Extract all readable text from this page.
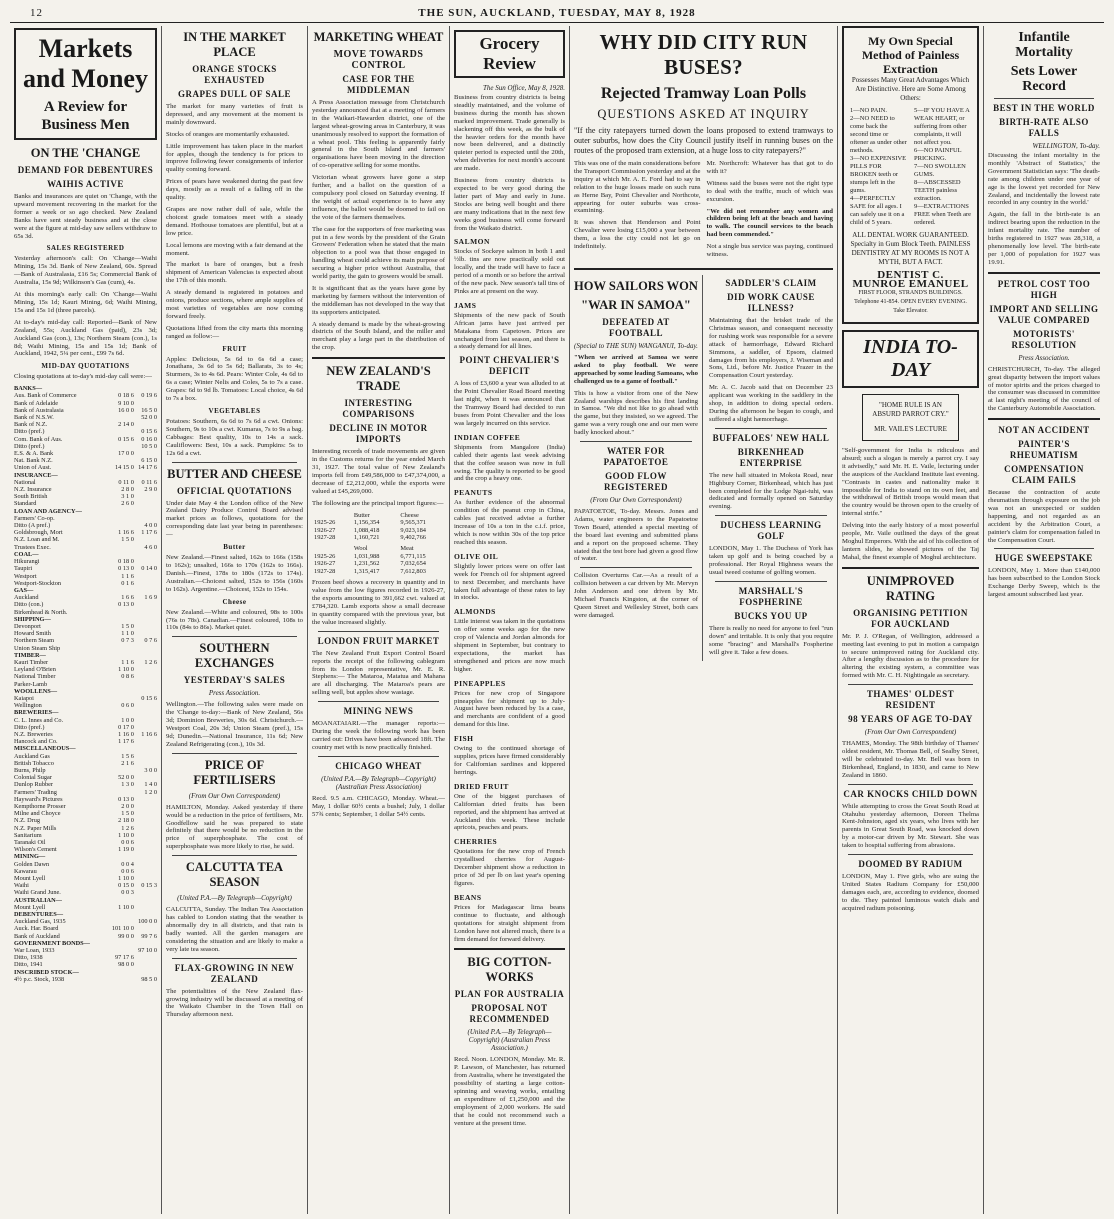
12	THE SUN, AUCKLAND, TUESDAY, MAY 8, 1928
Markets and Money
A Review for Business Men
ON THE 'CHANGE
DEMAND FOR DEBENTURES
WAIHIS ACTIVE

Banks and insurances are quiet on 'Change, with the upward movement recovering in the market for the former a week or so ago checked. New Zealand Banks have sent steady business and at the close were at the figure at mid-day saw sellers withdraw to 65s 3d.

SALES REGISTERED

Yesterday afternoon's call: On 'Change—Waihi Mining, 15s 3d. Bank of New Zealand, 60s. Spread—Bank of Australasia, £16 5s; Commercial Bank of Australia, 15s 9d; Wilkinson's Gas (cum), 4s.

At this morning's early call: On 'Change—Waihi Mining, 15s 1d; Kauri Mining, 6d; Waihi Mining, 15s and 15s 1d (three parcels).

At to-day's mid-day call: Reported—Bank of New Zealand, 55s; Auckland Gas (paid), 23s 3d; Auckland Gas (con.), 13s; Northern Steam (con.), 1s 8d; Waihi Mining, 15s and 15s 1d; Bank of Auckland, 1942, 5¼ per cent., £99 7s 6d.

MID-DAY QUOTATIONS

Closing quotations at to-day's mid-day call were:—

BANKS—		
Aus. Bank of Commerce	0 18 6	0 19 6
Bank of Adelaide	9 10 0	
Bank of Australasia	16 0 0	16 5 0
Bank of N.S.W.		52 0 0
Bank of N.Z.	2 14 0	
Ditto (pref.)		0 15 6
Com. Bank of Aus.	0 15 6	0 16 0
Ditto (pref.)		10 5 0
E.S. & A. Bank	17 0 0	
Nat. Bank N.Z.		6 15 0
Union of Aust.	14 15 0	14 17 6
INSURANCE—		
National	0 11 0	0 11 6
N.Z. Insurance	2 8 0	2 9 0
South British	3 1 0	
Standard	2 6 0	
LOAN AND AGENCY—		
Farmers' Co-op.		
Ditto (A pref.)		4 0 0
Goldsbrough, Mort	1 16 6	1 17 6
N.Z. Loan and M.	1 5 0	
Trustees Exec.		4 6 0
COAL—		
Hikurangi	0 18 0	
Taupiri	0 13 0	0 14 0
Westport	1 1 6	
Westport-Stockton	0 1 6	
GAS—		
Auckland	1 6 6	1 6 9
Ditto (con.)	0 13 0	
Birkenhead & North.		
SHIPPING—		
Devonport	1 5 0	
Howard Smith	1 1 0	
Northern Steam	0 7 3	0 7 6
Union Steam Ship		
TIMBER—		
Kauri Timber	1 1 6	1 2 6
Leyland O'Brien	1 10 0	
National Timber	0 8 6	
Parker-Lamb		
WOOLLENS—		
Kaiapoi		0 15 6
Wellington	0 6 0	
BREWERIES—		
C. L. Innes and Co.	1 0 0	
Ditto (pref.)	0 17 0	
N.Z. Breweries	1 16 0	1 16 6
Hancock and Co.	1 17 6	
MISCELLANEOUS—		
Auckland Gas	1 5 6	
British Tobacco	2 1 6	
Burns, Philp		3 0 0
Colonial Sugar	52 0 0	
Dunlop Rubber	1 3 0	1 4 0
Farmers' Trading		1 2 0
Hayward's Pictures	0 13 0	
Kempthorne Prosser	2 0 0	
Milne and Choyce	1 5 0	
N.Z. Drug	2 18 0	
N.Z. Paper Mills	1 2 6	
Sanitarium	1 10 0	
Taranaki Oil	0 0 6	
Wilson's Cement	1 19 0	
MINING—		
Golden Dawn	0 0 4	
Kawarau	0 0 6	
Mount Lyell	1 10 0	
Waihi	0 15 0	0 15 3
Waihi Grand June.	0 0 3	
AUSTRALIAN—		
Mount Lyell	1 10 0	
DEBENTURES—		
Auckland Gas, 1935		100 0 0
Auck. Har. Board	101 10 0	
Bank of Auckland	99 0 0	99 7 6
GOVERNMENT BONDS—		
War Loan, 1933		97 10 0
Ditto, 1938	97 17 6	
Ditto, 1941	98 0 0	
INSCRIBED STOCK—		
4½ p.c. Stock, 1938		98 5 0
IN THE MARKET PLACE
ORANGE STOCKS EXHAUSTED
GRAPES DULL OF SALE

The market for many varieties of fruit is depressed, and any movement at the moment is mainly downward.

Stocks of oranges are momentarily exhausted.

Little improvement has taken place in the market for apples, though the tendency is for prices to improve following fewer consignments of inferior quality coming forward.

Prices of pears have weakened during the past few days, mostly as a result of a falling off in the quality.

Grapes are now rather dull of sale, while the choicest grade tomatoes meet with a steady demand. Hothouse tomatoes are plentiful, but at a low price.

Local lemons are moving with a fair demand at the moment.

The market is bare of oranges, but a fresh shipment of American Valencias is expected about the 17th of this month.

A steady demand is registered in potatoes and onions, produce sections, where ample supplies of most varieties of vegetables are now coming forward freely.

Quotations lifted from the city marts this morning ranged as follow:—

FRUIT

Apples: Delicious, 5s 6d to 6s 6d a case; Jonathans, 3s 6d to 5s 6d; Ballarats, 3s to 4s; Sturmers, 3s to 4s 6d. Pears: Winter Cole, 4s 6d to 6s a case; Winter Nelis and Coles, 5s to 7s a case. Grapes: 6d to 9d lb. Tomatoes: Local choice, 4s 6d to 7s a box.

VEGETABLES

Potatoes: Southern, 6s 6d to 7s 6d a cwt. Onions: Southern, 9s to 10s a cwt. Kumaras, 7s to 9s a bag. Cabbages: Best quality, 10s to 14s a sack. Cauliflowers: Best, 10s a sack. Pumpkins: 5s to 12s 6d a cwt.

BUTTER AND CHEESE
OFFICIAL QUOTATIONS

Under date May 4 the London office of the New Zealand Dairy Produce Control Board advised market prices as follows, quotations for the corresponding date last year being in parentheses:—

Butter

New Zealand.—Finest salted, 162s to 166s (158s to 162s); unsalted, 166s to 170s (162s to 166s). Danish.—Finest, 178s to 180s (172s to 174s). Australian.—Choicest salted, 152s to 156s (160s to 162s). Argentine.—Choicest, 152s to 154s.

Cheese

New Zealand.—White and coloured, 98s to 100s (76s to 78s). Canadian.—Finest coloured, 108s to 110s (84s to 86s). Market quiet.

SOUTHERN EXCHANGES
YESTERDAY'S SALES
Press Association.

Wellington.—The following sales were made on the 'Change to-day:—Bank of New Zealand, 56s 3d; Dominion Breweries, 30s 6d. Christchurch.—Westport Coal, 20s 3d; Union Steam (pref.), 15s 9d; Dunedin.—National Insurance, 11s 6d; New Zealand Refrigerating (con.), 10s 3d.

PRICE OF FERTILISERS
(From Our Own Correspondent)

HAMILTON, Monday. Asked yesterday if there would be a reduction in the price of fertilisers, Mr. Goodfellow said he was prepared to state definitely that there would be no reduction in the price of superphosphate. The cost of superphosphate was more likely to rise, he said.

CALCUTTA TEA SEASON
(United P.A.—By Telegraph—Copyright)

CALCUTTA, Sunday. The Indian Tea Association has cabled to London stating that the weather is abnormally dry in all districts, and that rain is badly wanted. All the garden managers are considering the situation and are likely to make a very late tea season.

FLAX-GROWING IN NEW ZEALAND

The potentialities of the New Zealand flax-growing industry will be discussed at a meeting of the Waikato Chamber in the Town Hall on Thursday afternoon next.

MARKETING WHEAT
MOVE TOWARDS CONTROL
CASE FOR THE MIDDLEMAN

A Press Association message from Christchurch yesterday announced that at a meeting of farmers in the Waikari-Hawarden district, one of the largest wheat-growing areas in Canterbury, it was unanimously resolved to support the formation of a wheat pool. This feeling is apparently fairly general in the South Island and farmers' organisations have been moving in the direction of co-operative selling for some months.

Victorian wheat growers have gone a step further, and a ballot on the question of a compulsory pool closed on Saturday evening. If the weight of actual experience is to have any influence, the ballot would be doomed to fail on the vote of the farmers themselves.

The case for the supporters of free marketing was put in a few words by the president of the Grain Growers' Federation when he stated that the main objection to a pool was that those engaged in handling wheat could achieve its main purpose of securing a higher price without Australia, that world parity, the gain to growers would be small.

It is significant that as the years have gone by marketing by farmers without the intervention of the middleman has not developed in the way that its supporters anticipated.

A steady demand is made by the wheat-growing districts of the South Island, and the miller and merchant play a large part in the distribution of the crop.

NEW ZEALAND'S TRADE
INTERESTING COMPARISONS
DECLINE IN MOTOR IMPORTS

Interesting records of trade movements are given in the Customs returns for the year ended March 31, 1927. The total value of New Zealand's imports fell from £49,586,000 to £47,374,000, a decrease of £2,212,000, while the exports were valued at £45,269,000.

The following are the principal import figures:—

	Butter	Cheese
1925-26	1,156,354	9,565,371
1926-27	1,088,418	9,023,184
1927-28	1,160,721	9,402,766
	Wool	Meat
1925-26	1,031,988	6,771,115
1926-27	1,231,562	7,032,654
1927-28	1,315,417	7,612,803

Frozen beef shows a recovery in quantity and in value from the low figures recorded in 1926-27, the exports amounting to 391,662 cwt. valued at £784,320. Lamb exports show a small decrease in quantity compared with the previous year, but the value increased slightly.

LONDON FRUIT MARKET

The New Zealand Fruit Export Control Board reports the receipt of the following cablegram from its London representative, Mr. E. R. Stephens:— The Mataroa, Matatua and Mahana are all discharging. The Mataroa's pears are selling well, but apples show wastage.

MINING NEWS

MOANATAIARI.—The manager reports:—During the week the following work has been carried out: Drives have been advanced 18ft. The country met with is now practically finished.

CHICAGO WHEAT
(United P.A.—By Telegraph—Copyright) (Australian Press Association)

Recd. 9.5 a.m. CHICAGO, Monday. Wheat.—May, 1 dollar 60½ cents a bushel; July, 1 dollar 57¾ cents; September, 1 dollar 54½ cents.

Grocery Review
The Sun Office, May 8, 1928.

Business from country districts is being steadily maintained, and the volume of business during the month has shown marked improvement. Trade generally is slackening off this week, as the bulk of the heavier orders for the month have now been delivered, and a distinctly quieter period is expected until the 20th, when deliveries for next month's account are made.

Business from country districts is expected to be very good during the latter part of May and early in June. Stocks are being well bought and there are many indications that in the next few weeks good business will come forward from the Waikato district.

SALMON

Stocks of Sockeye salmon in both 1 and ½lb. tins are now practically sold out locally, and the trade will have to face a period of a month or so before the arrival of the new pack. New season's tall tins of Pinks are at present on the way.

JAMS

Shipments of the new pack of South African jams have just arrived per Matakana from Capetown. Prices are unchanged from last season, and there is a steady demand for all lines.

POINT CHEVALIER'S DEFICIT

A loss of £3,600 a year was alluded to at the Point Chevalier Road Board meeting last night, when it was announced that the Tramway Board had decided to run buses from Point Chevalier and the loss was largely incurred on this service.

INDIAN COFFEE

Shipments from Mangalore (India) cabled their agents last week advising that the coffee season was now in full swing. The quality is reported to be good and the crop a heavy one.

PEANUTS

As further evidence of the abnormal condition of the peanut crop in China, cables just received advise a further increase of 10s a ton in the c.i.f. price, which is now within 30s of the top price reached this season.

OLIVE OIL

Slightly lower prices were on offer last week for French oil for shipment agreed to next December, and merchants have taken full advantage of these rates to lay in stocks.

ALMONDS

Little interest was taken in the quotations on offer some weeks ago for the new crop of Valencia and Jordan almonds for shipment in September, but contrary to expectations, the market has strengthened and prices are now much higher.

PINEAPPLES

Prices for new crop of Singapore pineapples for shipment up to July-August have been reduced by 1s a case, and merchants are confident of a good demand for this line.

FISH

Owing to the continued shortage of supplies, prices have firmed considerably for Californian sardines and kippered herrings.

DRIED FRUIT

One of the biggest purchases of Californian dried fruits has been reported, and the shipment has arrived at Auckland this week. These include apricots, peaches and pears.

CHERRIES

Quotations for the new crop of French crystallised cherries for August-December shipment show a reduction in price of 3d per lb on last year's opening figures.

BEANS

Prices for Madagascar lima beans continue to fluctuate, and although quotations for straight shipment from London have not altered much, there is a firm demand for forward delivery.

BIG COTTON-WORKS
PLAN FOR AUSTRALIA
PROPOSAL NOT RECOMMENDED
(United P.A.—By Telegraph—Copyright) (Australian Press Association.)

Recd. Noon. LONDON, Monday. Mr. R. P. Lawson, of Manchester, has returned from Australia, where he investigated the possibility of starting a large cotton-spinning and weaving works, entailing an expenditure of £1,250,000 and the employment of 2,000 workers. He said that he could not recommend such a venture at the present time.

WHY DID CITY RUN BUSES?
Rejected Tramway Loan Polls
QUESTIONS ASKED AT INQUIRY

"If the city ratepayers turned down the loans proposed to extend tramways to outer suburbs, how does the City Council justify itself in running buses on the routes of the proposed tram extension, at a huge loss to city ratepayers?"

This was one of the main considerations before the Transport Commission yesterday and at the inquiry at which Mr. A. E. Ford had to say in relation to the huge losses made on such runs as Herne Bay, Point Chevalier and Northcote, appearing for outer suburbs was cross-examining.

It was shown that Henderson and Point Chevalier were losing £15,000 a year between them, a loss the city could not let go on indefinitely.

Mr. Northcroft: Whatever has that got to do with it?

Witness said the buses were not the right type to deal with the traffic, much of which was excursion.

"We did not remember any women and children being left at the beach and having to walk. The council services to the beach had been commended."

Not a single bus service was paying, continued witness.

HOW SAILORS WON
"WAR IN SAMOA"
DEFEATED AT FOOTBALL
(Special to THE SUN) WANGANUI, To-day.

"When we arrived at Samoa we were asked to play football. We were approached by some leading Samoans, who challenged us to a game of football."

This is how a visitor from one of the New Zealand warships describes his first landing in Samoa. "We did not like to go ahead with the game, but they insisted, so we agreed. The game was a very rough one and our men were badly knocked about."

WATER FOR PAPATOETOE
GOOD FLOW REGISTERED
(From Our Own Correspondent)

PAPATOETOE, To-day. Messrs. Jones and Adams, water engineers to the Papatoetoe Town Board, attended a special meeting of the board last evening and submitted plans and a report on the proposed scheme. They stated that the test bore had given a good flow of water.

Collision Overturns Car.—As a result of a collision between a car driven by Mr. Mervyn John Anderson and one driven by Mr. Michael Francis Kingston, at the corner of Queen Street and Wellesley Street, both cars were damaged.

SADDLER'S CLAIM
DID WORK CAUSE ILLNESS?

Maintaining that the brisket trade of the Christmas season, and consequent necessity for rushing work was responsible for a severe attack of hæmorrhage, Edward Richard Simmons, a saddler, of Epsom, claimed damages from his employers, J. Wiseman and Sons, Ltd., before Mr. Justice Frazer in the Compensation Court yesterday.

Mr. A. C. Jacob said that on December 23 applicant was working in the saddlery in the shop, in addition to doing special orders. During the afternoon he began to cough, and suffered a slight hæmorrhage.

BUFFALOES' NEW HALL
BIRKENHEAD ENTERPRISE

The new hall situated in Mokoia Road, near Highbury Corner, Birkenhead, which has just been completed for the Lodge Ngai-tuhi, was dedicated and formally opened on Saturday evening.

DUCHESS LEARNING GOLF

LONDON, May 1. The Duchess of York has taken up golf and is being coached by a professional. Her Royal Highness wears the usual tweed costume of golfing women.

MARSHALL'S FOSPHERINE
BUCKS YOU UP

There is really no need for anyone to feel "run down" and irritable. It is only that you require some "bracing" and Marshall's Fospherine will give it. Take a few doses.

My Own Special Method of Painless Extraction
Possesses Many Great Advantages Which Are Distinctive. Here are Some Among Others:
1—NO PAIN.
2—NO NEED to come back the second time or oftener as under other methods.
3—NO EXPENSIVE PILLS FOR BROKEN teeth or stumps left in the gums.
4—PERFECTLY SAFE for all ages. I can safely use it on a child of 5 years.
5—IF YOU HAVE A WEAK HEART, or suffering from other complaints, it will not affect you.
6—NO PAINFUL PRICKING.
7—NO SWOLLEN GUMS.
8—ABSCESSED TEETH painless extraction.
9—EXTRACTIONS FREE when Teeth are ordered.
ALL DENTAL WORK GUARANTEED. Specialty in Gum Block Teeth. PAINLESS DENTISTRY AT MY ROOMS IS NOT A MYTH, BUT A FACT.
DENTIST C. MUNROE EMANUEL
FIRST FLOOR, STRAND'S BUILDINGS. Telephone 41-854. OPEN EVERY EVENING. Take Elevator.
INDIA TO-DAY
"HOME RULE IS AN ABSURD PARROT CRY."
MR. VAILE'S LECTURE

"Self-government for India is ridiculous and absurd; such a slogan is merely a parrot cry. I say it advisedly," said Mr. H. E. Vaile, lecturing under the auspices of the Auckland Institute last evening. "Contrasts in castes and nationality make it impossible for India to stand on its own feet, and the withdrawal of British troops would mean that the country would be thrown open to the cruelty of internal strife."

Delving into the early history of a most powerful people, Mr. Vaile outlined the days of the great Moghul Emperors. With the aid of his collection of lantern slides, he showed pictures of the Taj Mahal, the finest example of Moghul architecture.

UNIMPROVED RATING
ORGANISING PETITION FOR AUCKLAND

Mr. P. J. O'Regan, of Wellington, addressed a meeting last evening to put in motion a campaign to secure unimproved rating for Auckland city. After a lengthy discussion as to the procedure for altering the existing system, a committee was formed with Mr. C. H. Nightingale as secretary.

THAMES' OLDEST RESIDENT
98 YEARS OF AGE TO-DAY
(From Our Own Correspondent)

THAMES, Monday. The 98th birthday of Thames' oldest resident, Mr. Thomas Bell, of Sealby Street, will be celebrated to-day. Mr. Bell was born in Birkenhead, England, in 1830, and came to New Zealand in 1860.

CAR KNOCKS CHILD DOWN

While attempting to cross the Great South Road at Otahuhu yesterday afternoon, Doreen Thelma Kent-Johnston, aged six years, who lives with her parents in Great South Road, was knocked down by a motor-car driven by Mr. Stewart. She was taken to hospital suffering from abrasions.

DOOMED BY RADIUM

LONDON, May 1. Five girls, who are suing the United States Radium Company for £50,000 damages each, are, according to evidence, doomed to die. They painted luminous watch dials and acquired radium poisoning.

Infantile Mortality
Sets Lower Record
BEST IN THE WORLD
BIRTH-RATE ALSO FALLS
WELLINGTON, To-day.

Discussing the infant mortality in the monthly 'Abstract of Statistics,' the Government Statistician says: 'The death-rate among children under one year of age is the lowest yet recorded for New Zealand, and incidentally the lowest rate recorded in any country in the world.'

Again, the fall in the birth-rate is an indirect bearing upon the reduction in the infant mortality rate. The number of births registered in 1927 was 28,318, a phenomenally low level. The birth-rate per 1,000 of population for 1927 was 19.91.

PETROL COST TOO HIGH
IMPORT AND SELLING VALUE COMPARED
MOTORISTS' RESOLUTION
Press Association.

CHRISTCHURCH, To-day. The alleged great disparity between the import values of motor spirits and the prices charged to the consumer was discussed in committee at last night's meeting of the council of the Canterbury Automobile Association.

NOT AN ACCIDENT
PAINTER'S RHEUMATISM
COMPENSATION CLAIM FAILS

Because the contraction of acute rheumatism through exposure on the job was not an unexpected or sudden happening, and not regarded as an accident by the Arbitration Court, a painter's claim for compensation failed in the Compensation Court.

HUGE SWEEPSTAKE

LONDON, May 1. More than £140,000 has been subscribed to the London Stock Exchange Derby Sweep, which is the largest amount subscribed last year.
